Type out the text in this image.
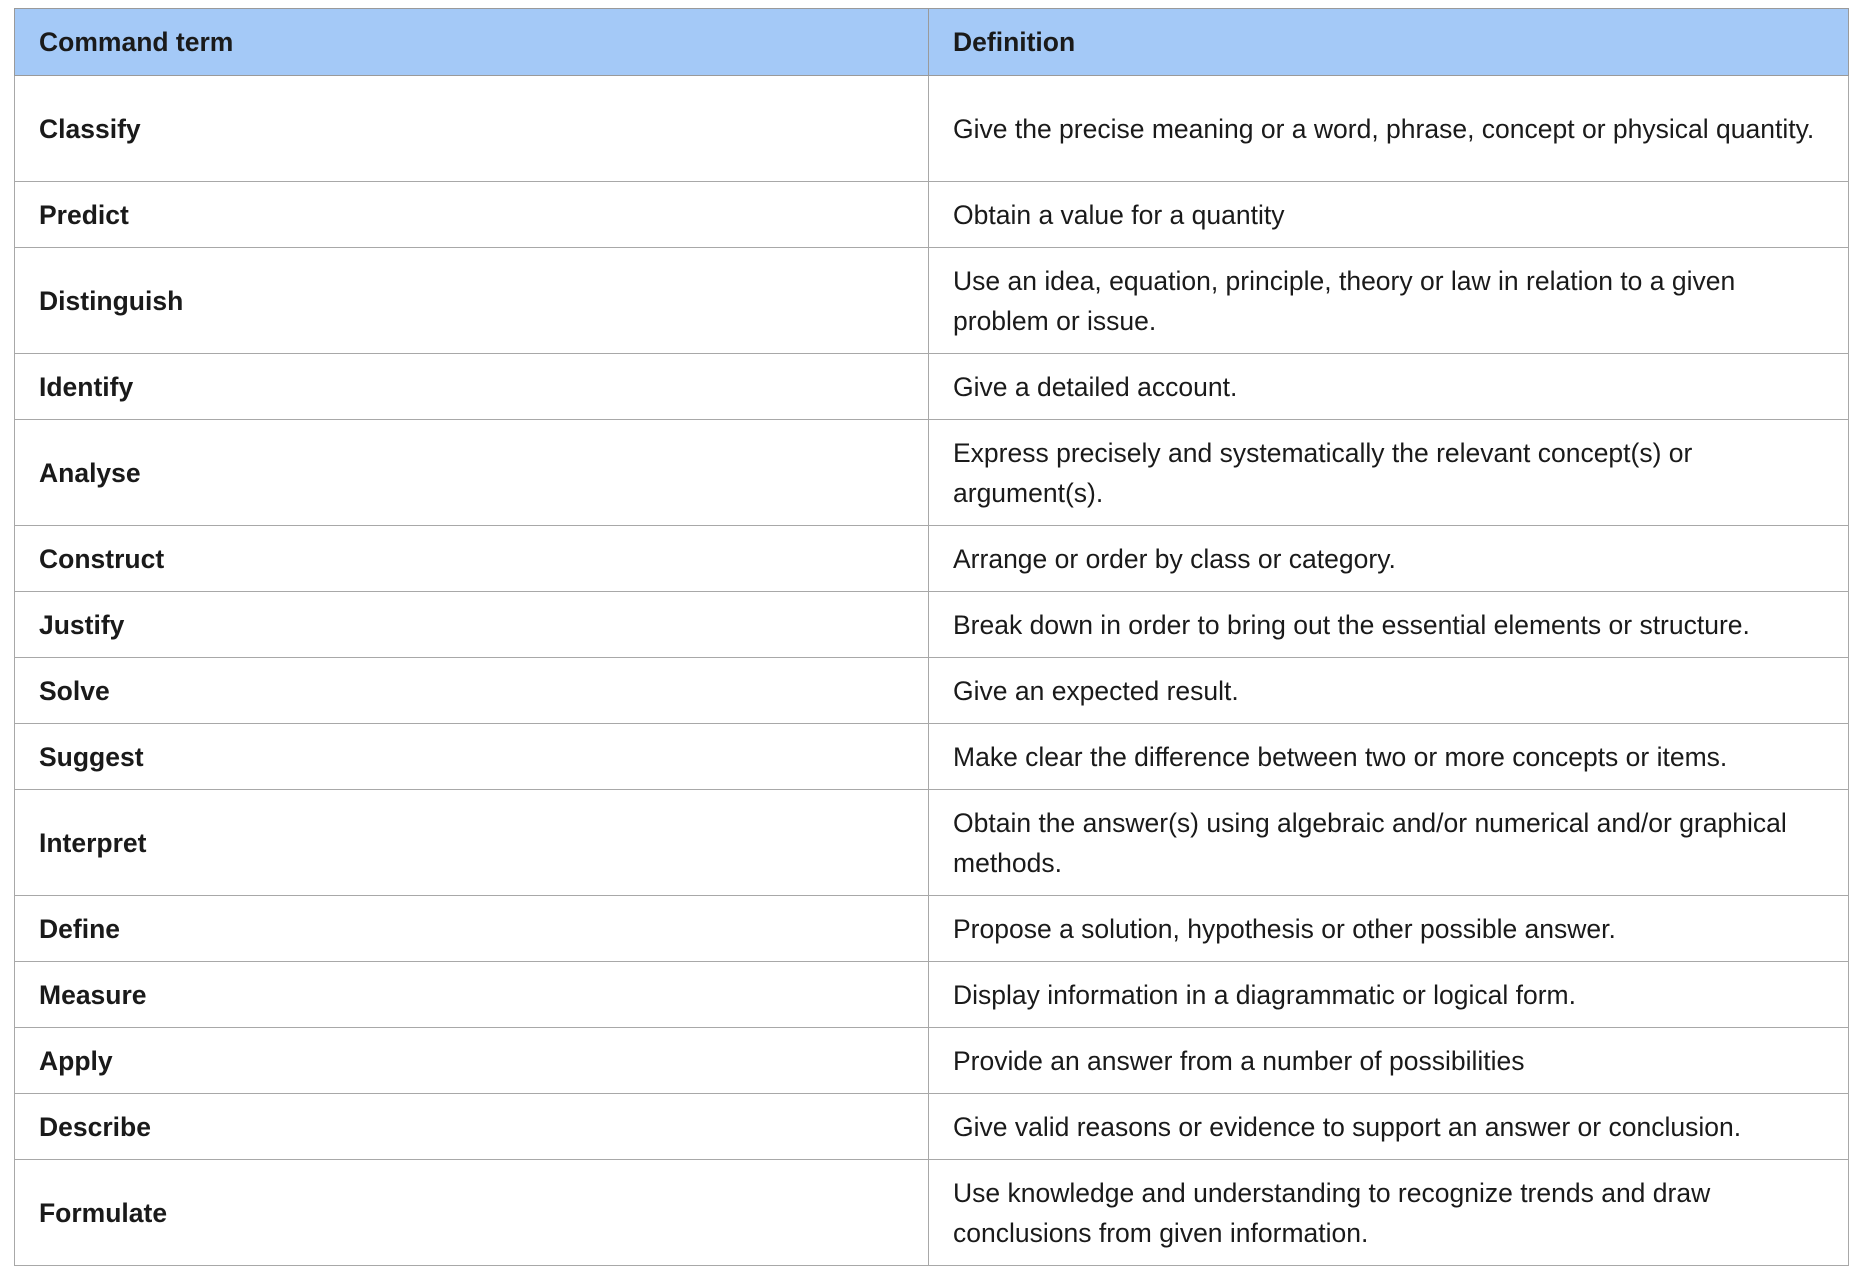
Command term	Definition
Classify	Give the precise meaning or a word, phrase, concept or physical quantity.
Predict	Obtain a value for a quantity
Distinguish	Use an idea, equation, principle, theory or law in relation to a given problem or issue.
Identify	Give a detailed account.
Analyse	Express precisely and systematically the relevant concept(s) or argument(s).
Construct	Arrange or order by class or category.
Justify	Break down in order to bring out the essential elements or structure.
Solve	Give an expected result.
Suggest	Make clear the difference between two or more concepts or items.
Interpret	Obtain the answer(s) using algebraic and/or numerical and/or graphical methods.
Define	Propose a solution, hypothesis or other possible answer.
Measure	Display information in a diagrammatic or logical form.
Apply	Provide an answer from a number of possibilities
Describe	Give valid reasons or evidence to support an answer or conclusion.
Formulate	Use knowledge and understanding to recognize trends and draw conclusions from given information.
